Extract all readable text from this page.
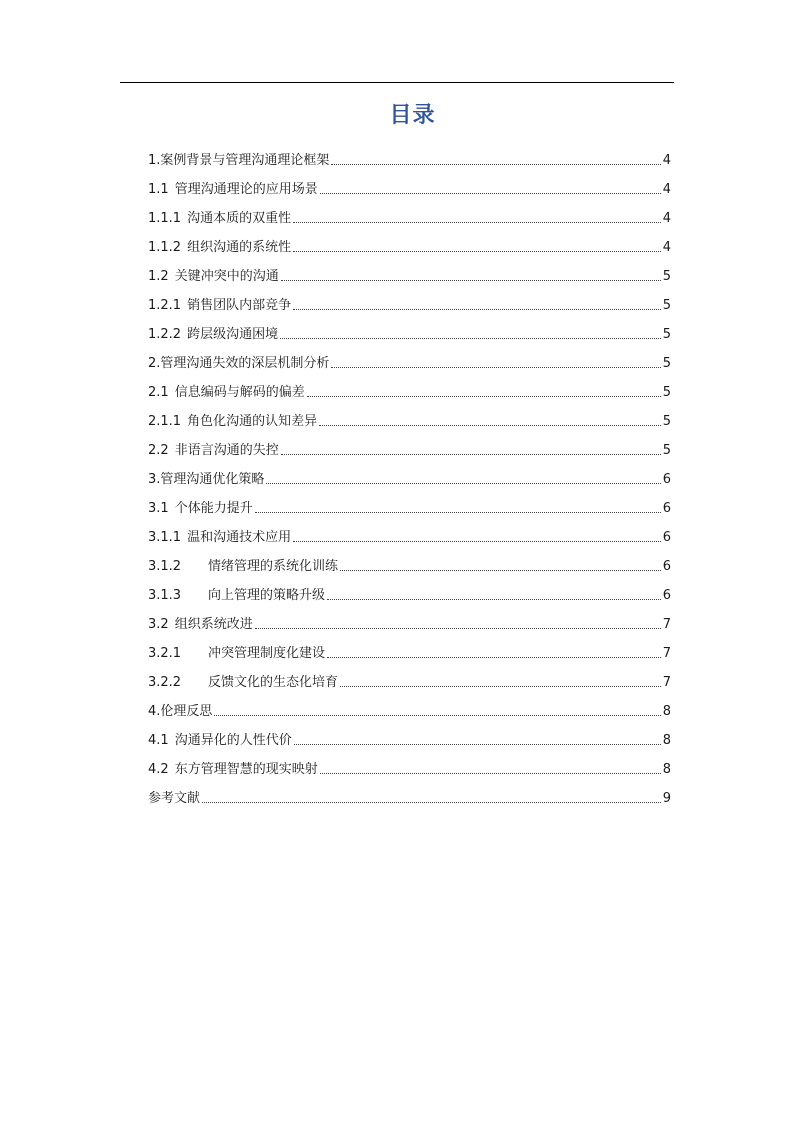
目录
1. 案例背景与管理沟通理论框架	4
1.1 管理沟通理论的应用场景	4
1.1.1 沟通本质的双重性	4
1.1.2 组织沟通的系统性	4
1.2 关键冲突中的沟通	5
1.2.1 销售团队内部竞争	5
1.2.2 跨层级沟通困境	5
2. 管理沟通失效的深层机制分析	5
2.1 信息编码与解码的偏差	5
2.1.1 角色化沟通的认知差异	5
2.2 非语言沟通的失控	5
3. 管理沟通优化策略	6
3.1 个体能力提升	6
3.1.1 温和沟通技术应用	6
3.1.2	情绪管理的系统化训练	6
3.1.3	向上管理的策略升级	6
3.2 组织系统改进	7
3.2.1	冲突管理制度化建设	7
3.2.2	反馈文化的生态化培育	7
4. 伦理反思	8
4.1 沟通异化的人性代价	8
4.2 东方管理智慧的现实映射	8
参考文献	9
